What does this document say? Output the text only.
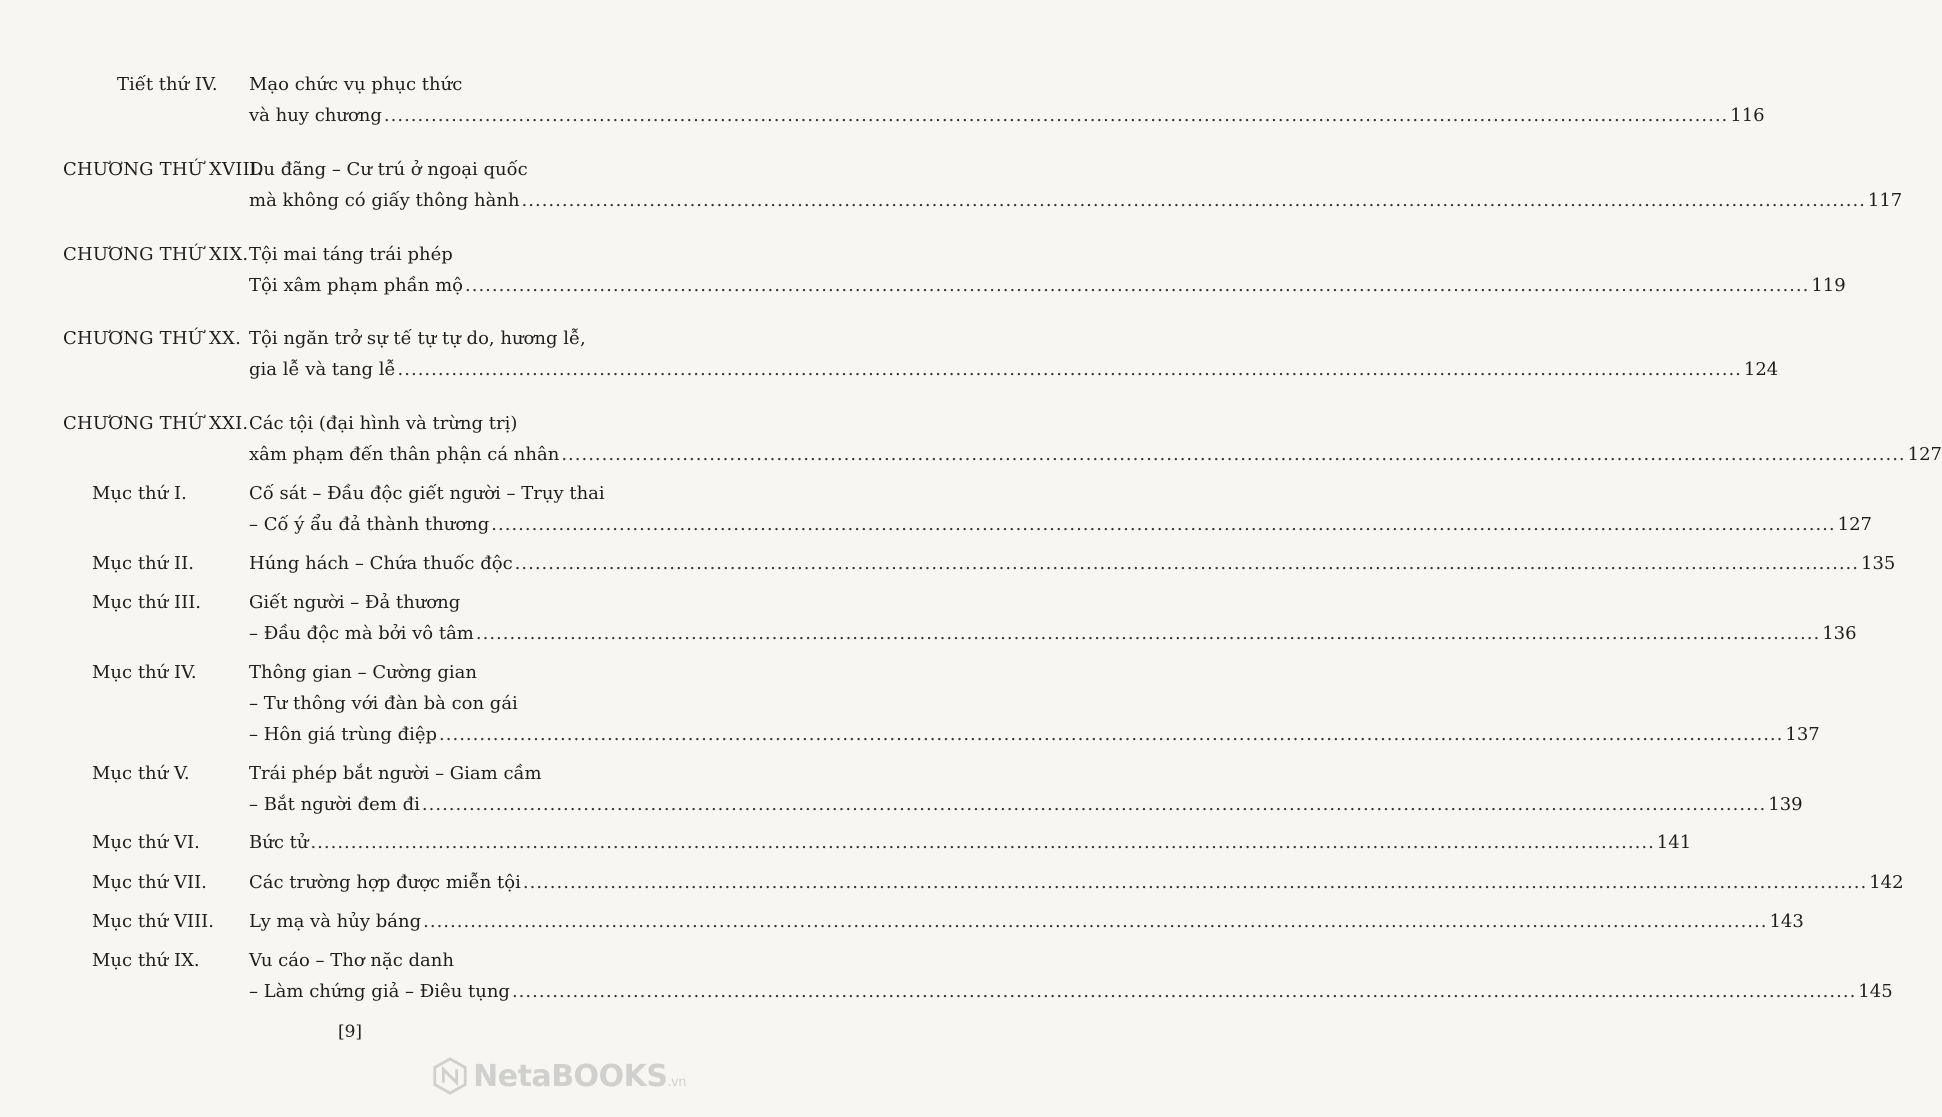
Tiết thứ IV. Mạo chức vụ phục thức
và huy chương ........................................................................................................................................................................................................ 116
CHƯƠNG THỨ XVIII.
Du đãng – Cư trú ở ngoại quốc
mà không có giấy thông hành ........................................................................................................................................................................................................ 117
CHƯƠNG THỨ XIX. Tội mai táng trái phép
Tội xâm phạm phần mộ ........................................................................................................................................................................................................ 119
CHƯƠNG THỨ XX. Tội ngăn trở sự tế tự tự do, hương lễ,
gia lễ và tang lễ ........................................................................................................................................................................................................ 124
CHƯƠNG THỨ XXI. Các tội (đại hình và trừng trị)
xâm phạm đến thân phận cá nhân ........................................................................................................................................................................................................ 127
Mục thứ I.	Cố sát – Đầu độc giết người – Trụy thai
– Cố ý ẩu đả thành thương ........................................................................................................................................................................................................ 127
Mục thứ II.	Húng hách – Chứa thuốc độc ........................................................................................................................................................................................................ 135
Mục thứ III.	Giết người – Đả thương
– Đầu độc mà bởi vô tâm ........................................................................................................................................................................................................ 136
Mục thứ IV.	Thông gian – Cường gian
– Tư thông với đàn bà con gái
– Hôn giá trùng điệp ........................................................................................................................................................................................................ 137
Mục thứ V.	Trái phép bắt người – Giam cầm
– Bắt người đem đi ........................................................................................................................................................................................................ 139
Mục thứ VI.	Bức tử ........................................................................................................................................................................................................ 141
Mục thứ VII. Các trường hợp được miễn tội ........................................................................................................................................................................................................ 142
Mục thứ VIII. Ly mạ và hủy báng ........................................................................................................................................................................................................ 143
Mục thứ IX.	Vu cáo – Thơ nặc danh
– Làm chứng giả – Điêu tụng ........................................................................................................................................................................................................ 145
[9]
NetaBOOKS.vn
